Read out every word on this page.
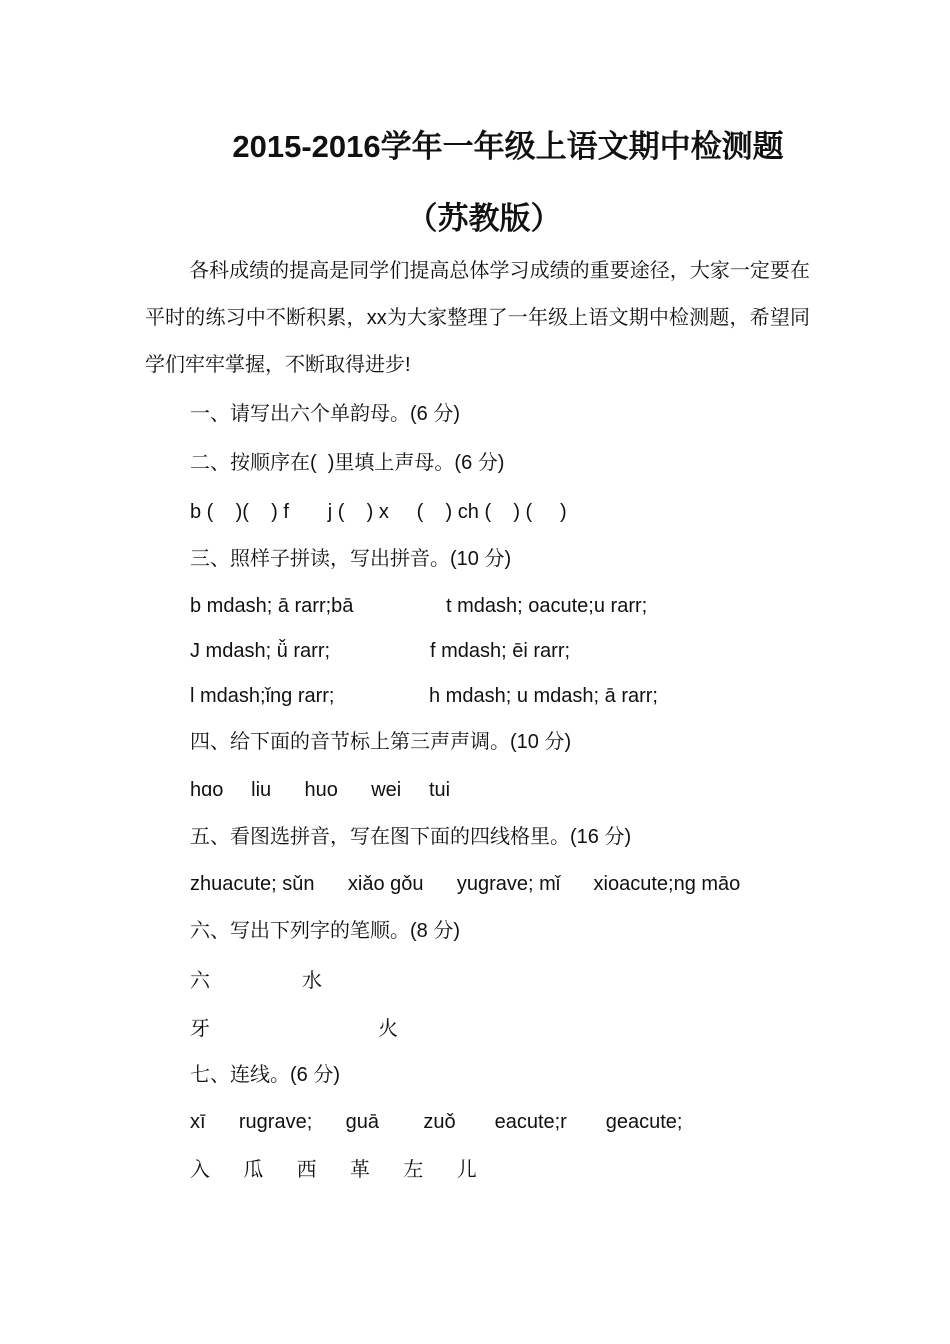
2015-2016学年一年级上语文期中检测题
（苏教版）
各科成绩的提高是同学们提高总体学习成绩的重要途径，大家一定要在平时的练习中不断积累，xx为大家整理了一年级上语文期中检测题，希望同学们牢牢掌握，不断取得进步!
一、请写出六个单韵母。(6 分)
二、按顺序在(  )里填上声母。(6 分)
b (    )(    ) f       j (    ) x     (    ) ch (    ) (     )
三、照样子拼读，写出拼音。(10 分)
b mdash; ā rarr;bā	t mdash; oacute;u rarr;
J mdash; ǚ rarr;	f mdash; ēi rarr;
l mdash;ǐng rarr;	h mdash; u mdash; ā rarr;
四、给下面的音节标上第三声声调。(10 分)
hɑo     liu      huo      wei     tui
五、看图选拼音，写在图下面的四线格里。(16 分)
zhuacute; sǔn      xiǎo gǒu      yugrave; mǐ      xioacute;ng māo
六、写出下列字的笔顺。(8 分)
六	水
牙	火
七、连线。(6 分)
xī      rugrave;      guā        zuǒ       eacute;r       geacute;
入      瓜      西      革      左      儿
